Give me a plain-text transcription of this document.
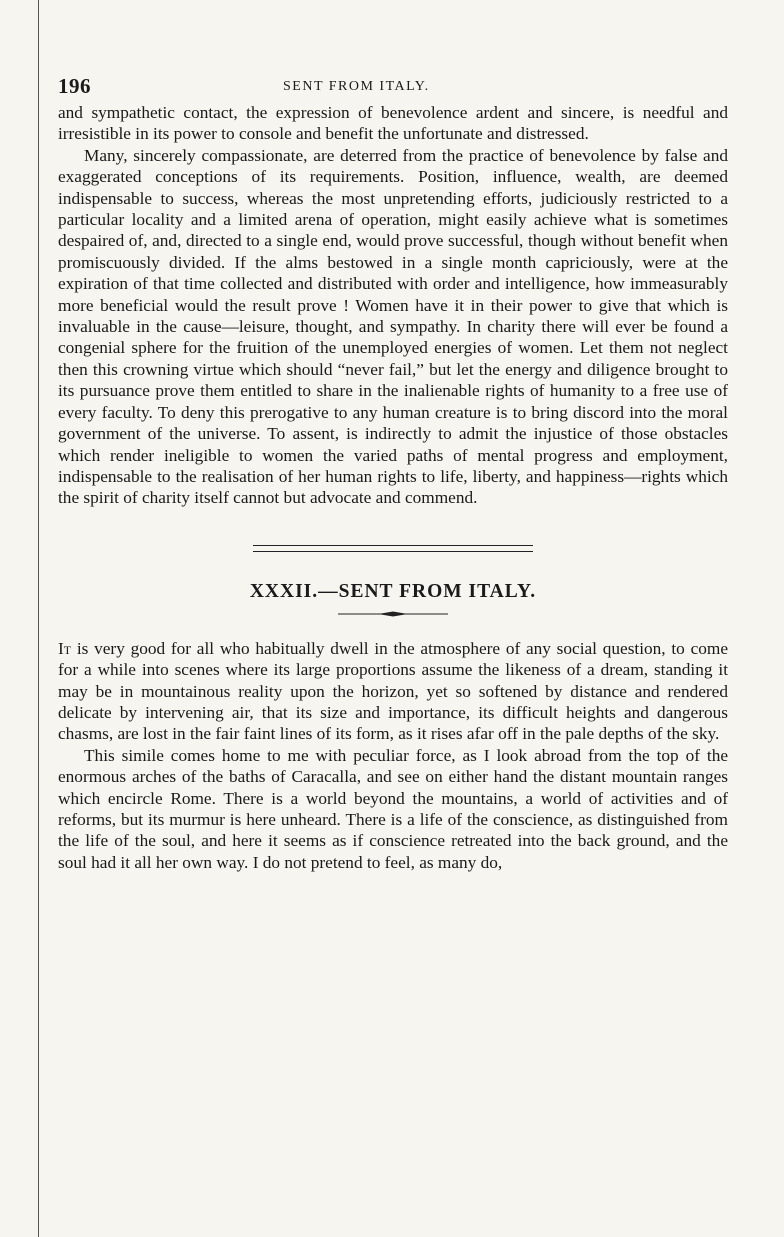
196	SENT FROM ITALY.

and sympathetic contact, the expression of benevolence ardent and sincere, is needful and irresistible in its power to console and benefit the unfortunate and distressed.

Many, sincerely compassionate, are deterred from the practice of benevolence by false and exaggerated conceptions of its requirements. Position, influence, wealth, are deemed indispensable to success, whereas the most unpretending efforts, judiciously restricted to a particular locality and a limited arena of operation, might easily achieve what is sometimes despaired of, and, directed to a single end, would prove successful, though without benefit when promiscuously divided. If the alms bestowed in a single month capriciously, were at the expiration of that time collected and distributed with order and intelligence, how immeasurably more beneficial would the result prove ! Women have it in their power to give that which is invaluable in the cause—leisure, thought, and sympathy. In charity there will ever be found a congenial sphere for the fruition of the unemployed energies of women. Let them not neglect then this crowning virtue which should “never fail,” but let the energy and diligence brought to its pursuance prove them entitled to share in the inalienable rights of humanity to a free use of every faculty. To deny this prerogative to any human creature is to bring discord into the moral government of the universe. To assent, is indirectly to admit the injustice of those obstacles which render ineligible to women the varied paths of mental progress and employment, indispensable to the realisation of her human rights to life, liberty, and happiness—rights which the spirit of charity itself cannot but advocate and commend.

XXXII.—SENT FROM ITALY.

It is very good for all who habitually dwell in the atmosphere of any social question, to come for a while into scenes where its large proportions assume the likeness of a dream, standing it may be in mountainous reality upon the horizon, yet so softened by distance and rendered delicate by intervening air, that its size and importance, its difficult heights and dangerous chasms, are lost in the fair faint lines of its form, as it rises afar off in the pale depths of the sky.

This simile comes home to me with peculiar force, as I look abroad from the top of the enormous arches of the baths of Caracalla, and see on either hand the distant mountain ranges which encircle Rome. There is a world beyond the mountains, a world of activities and of reforms, but its murmur is here unheard. There is a life of the conscience, as distinguished from the life of the soul, and here it seems as if conscience retreated into the back ground, and the soul had it all her own way. I do not pretend to feel, as many do,
